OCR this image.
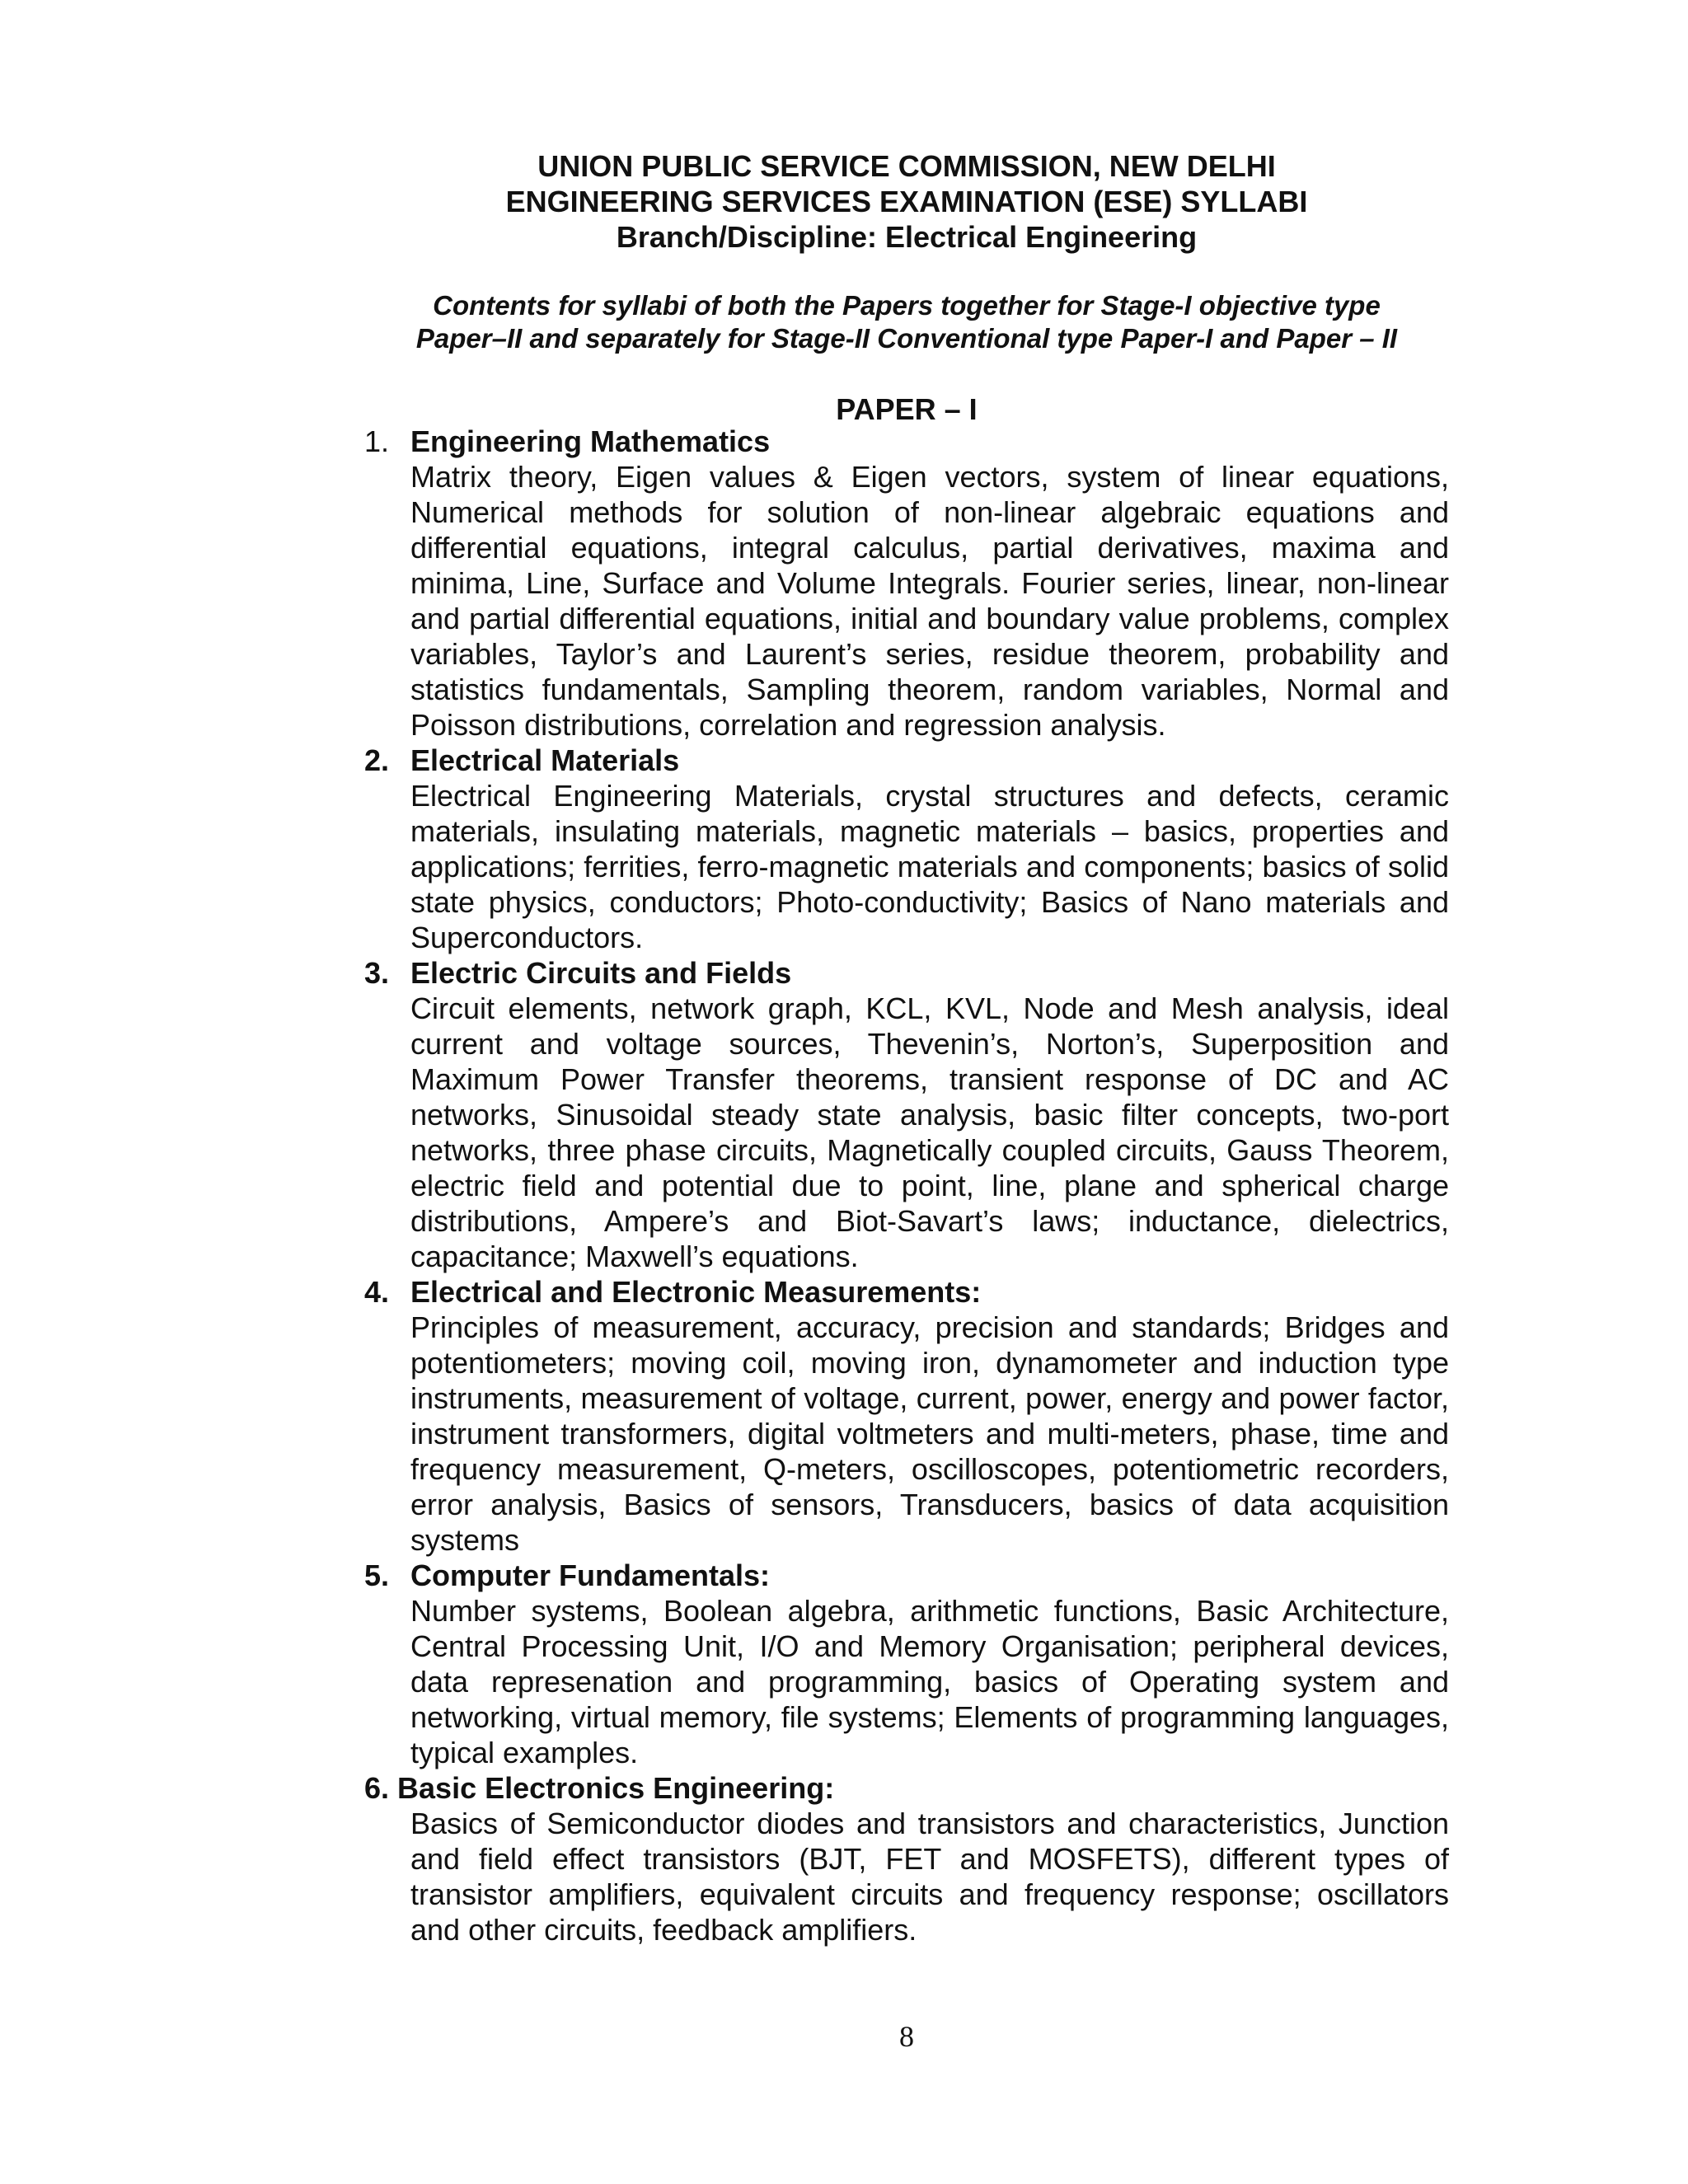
UNION PUBLIC SERVICE COMMISSION, NEW DELHI
ENGINEERING SERVICES EXAMINATION (ESE) SYLLABI
Branch/Discipline: Electrical Engineering
Contents for syllabi of both the Papers together for Stage-I objective type
Paper–II and separately for Stage-II Conventional type Paper-I and Paper – II
PAPER – I
1. Engineering Mathematics
Matrix theory, Eigen values & Eigen vectors, system of linear equations, Numerical methods for solution of non-linear algebraic equations and differential equations, integral calculus, partial derivatives, maxima and minima, Line, Surface and Volume Integrals. Fourier series, linear, non-linear and partial differential equations, initial and boundary value problems, complex variables, Taylor’s and Laurent’s series, residue theorem, probability and statistics fundamentals, Sampling theorem, random variables, Normal and Poisson distributions, correlation and regression analysis.
2. Electrical Materials
Electrical Engineering Materials, crystal structures and defects, ceramic materials, insulating materials, magnetic materials – basics, properties and applications; ferrities, ferro-magnetic materials and components; basics of solid state physics, conductors; Photo-conductivity; Basics of Nano materials and Superconductors.
3. Electric Circuits and Fields
Circuit elements, network graph, KCL, KVL, Node and Mesh analysis, ideal current and voltage sources, Thevenin’s, Norton’s, Superposition and Maximum Power Transfer theorems, transient response of DC and AC networks, Sinusoidal steady state analysis, basic filter concepts, two-port networks, three phase circuits, Magnetically coupled circuits, Gauss Theorem, electric field and potential due to point, line, plane and spherical charge distributions, Ampere’s and Biot-Savart’s laws; inductance, dielectrics, capacitance; Maxwell’s equations.
4. Electrical and Electronic Measurements:
Principles of measurement, accuracy, precision and standards; Bridges and potentiometers; moving coil, moving iron, dynamometer and induction type instruments, measurement of voltage, current, power, energy and power factor, instrument transformers, digital voltmeters and multi-meters, phase, time and frequency measurement, Q-meters, oscilloscopes, potentiometric recorders, error analysis, Basics of sensors, Transducers, basics of data acquisition systems
5. Computer Fundamentals:
Number systems, Boolean algebra, arithmetic functions, Basic Architecture, Central Processing Unit, I/O and Memory Organisation; peripheral devices, data represenation and programming, basics of Operating system and networking, virtual memory, file systems; Elements of programming languages, typical examples.
6. Basic Electronics Engineering:
Basics of Semiconductor diodes and transistors and characteristics, Junction and field effect transistors (BJT, FET and MOSFETS), different types of transistor amplifiers, equivalent circuits and frequency response; oscillators and other circuits, feedback amplifiers.
8
